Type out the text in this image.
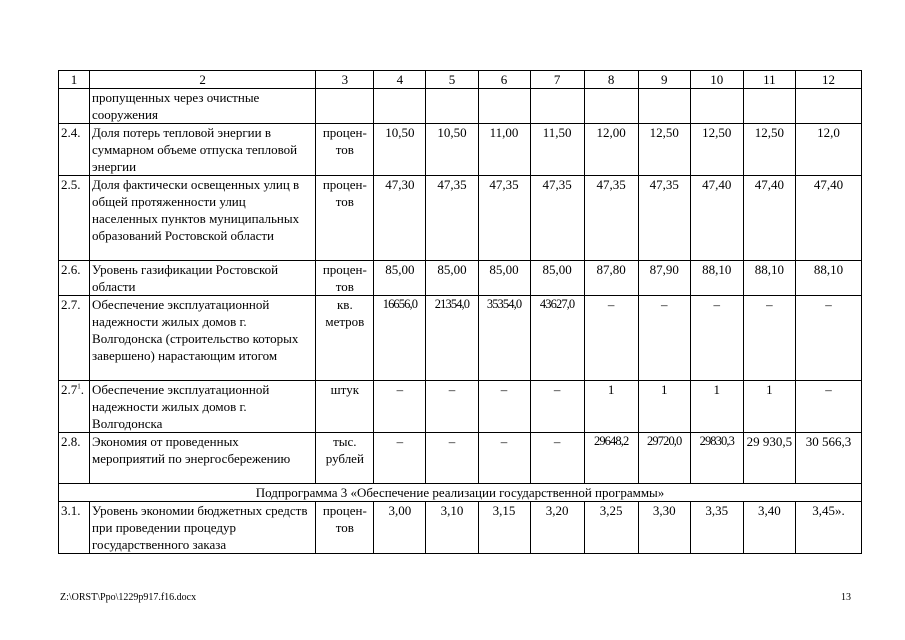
1	2	3	4	5	6	7	8	9	10	11	12
	пропущенных через очистные сооружения										
2.4.	Доля потерь тепловой энергии в суммарном объеме отпуска тепловой энергии	процен-тов	10,50	10,50	11,00	11,50	12,00	12,50	12,50	12,50	12,0
2.5.	Доля фактически освещенных улиц в общей протяженности улиц населенных пунктов муниципальных образований Ростовской области	процен-тов	47,30	47,35	47,35	47,35	47,35	47,35	47,40	47,40	47,40
2.6.	Уровень газификации Ростовской области	процен-тов	85,00	85,00	85,00	85,00	87,80	87,90	88,10	88,10	88,10
2.7.	Обеспечение эксплуатационной надежности жилых домов г. Волгодонска (строительство которых завершено) нарастающим итогом	кв. метров	16656,0	21354,0	35354,0	43627,0	–	–	–	–	–
$2.7^1$.	Обеспечение эксплуатационной надежности жилых домов г. Волгодонска	штук	–	–	–	–	1	1	1	1	–
2.8.	Экономия от проведенных мероприятий по энергосбережению	тыс. рублей	–	–	–	–	29648,2	29720,0	29830,3	29 930,5	30 566,3
Подпрограмма 3 «Обеспечение реализации государственной программы»											
3.1.	Уровень экономии бюджетных средств при проведении процедур государственного заказа	процен-тов	3,00	3,10	3,15	3,20	3,25	3,30	3,35	3,40	3,45».
Z:\ORST\Ppo\1229p917.f16.docx	13
